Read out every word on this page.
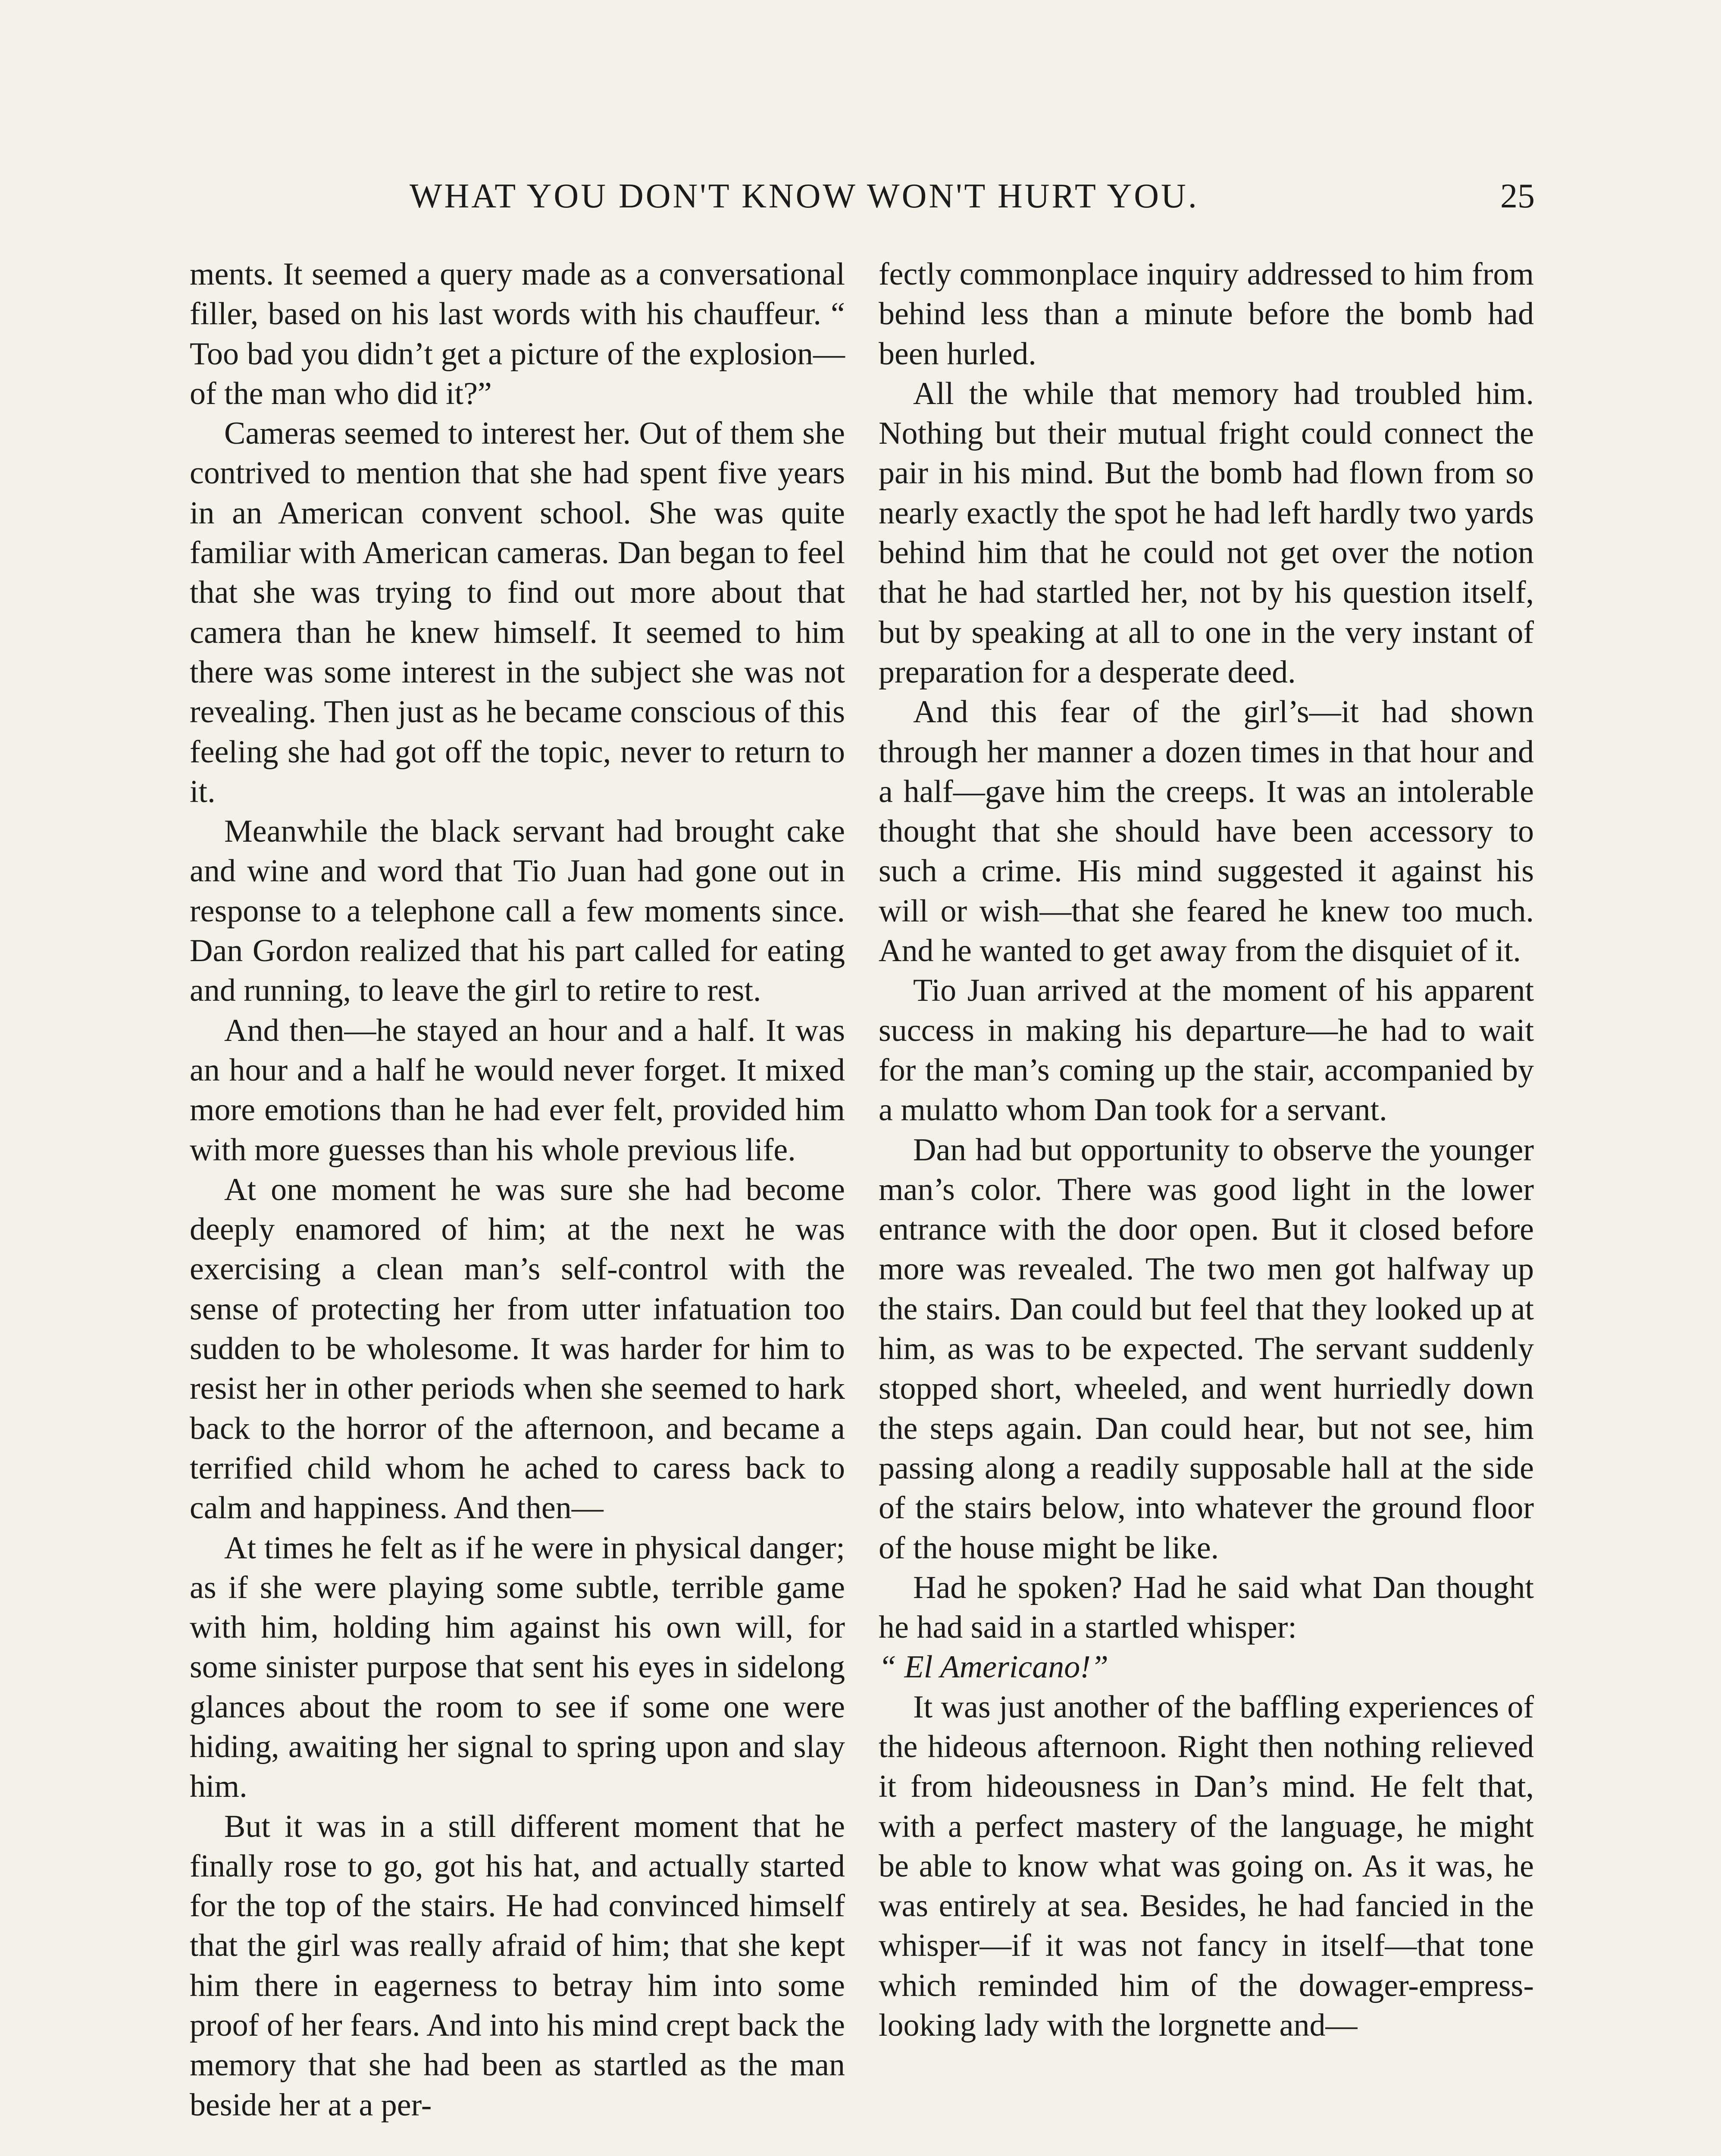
WHAT YOU DON'T KNOW WON'T HURT YOU.	25

ments. It seemed a query made as a conversational filler, based on his last words with his chauffeur. “ Too bad you didn’t get a picture of the explosion—of the man who did it?”

Cameras seemed to interest her. Out of them she contrived to mention that she had spent five years in an American convent school. She was quite familiar with American cameras. Dan began to feel that she was trying to find out more about that camera than he knew himself. It seemed to him there was some interest in the subject she was not revealing. Then just as he became conscious of this feeling she had got off the topic, never to return to it.

Meanwhile the black servant had brought cake and wine and word that Tio Juan had gone out in response to a telephone call a few moments since. Dan Gordon realized that his part called for eating and running, to leave the girl to retire to rest.

And then—he stayed an hour and a half. It was an hour and a half he would never forget. It mixed more emotions than he had ever felt, provided him with more guesses than his whole previous life.

At one moment he was sure she had become deeply enamored of him; at the next he was exercising a clean man’s self-control with the sense of protecting her from utter infatuation too sudden to be wholesome. It was harder for him to resist her in other periods when she seemed to hark back to the horror of the afternoon, and became a terrified child whom he ached to caress back to calm and happiness. And then—

At times he felt as if he were in physical danger; as if she were playing some subtle, terrible game with him, holding him against his own will, for some sinister purpose that sent his eyes in sidelong glances about the room to see if some one were hiding, awaiting her signal to spring upon and slay him.

But it was in a still different moment that he finally rose to go, got his hat, and actually started for the top of the stairs. He had convinced himself that the girl was really afraid of him; that she kept him there in eagerness to betray him into some proof of her fears. And into his mind crept back the memory that she had been as startled as the man beside her at a per-

fectly commonplace inquiry addressed to him from behind less than a minute before the bomb had been hurled.

All the while that memory had troubled him. Nothing but their mutual fright could connect the pair in his mind. But the bomb had flown from so nearly exactly the spot he had left hardly two yards behind him that he could not get over the notion that he had startled her, not by his question itself, but by speaking at all to one in the very instant of preparation for a desperate deed.

And this fear of the girl’s—it had shown through her manner a dozen times in that hour and a half—gave him the creeps. It was an intolerable thought that she should have been accessory to such a crime. His mind suggested it against his will or wish—that she feared he knew too much. And he wanted to get away from the disquiet of it.

Tio Juan arrived at the moment of his apparent success in making his departure—he had to wait for the man’s coming up the stair, accompanied by a mulatto whom Dan took for a servant.

Dan had but opportunity to observe the younger man’s color. There was good light in the lower entrance with the door open. But it closed before more was revealed. The two men got halfway up the stairs. Dan could but feel that they looked up at him, as was to be expected. The servant suddenly stopped short, wheeled, and went hurriedly down the steps again. Dan could hear, but not see, him passing along a readily supposable hall at the side of the stairs below, into whatever the ground floor of the house might be like.

Had he spoken? Had he said what Dan thought he had said in a startled whisper:

“ El Americano!”

It was just another of the baffling experiences of the hideous afternoon. Right then nothing relieved it from hideousness in Dan’s mind. He felt that, with a perfect mastery of the language, he might be able to know what was going on. As it was, he was entirely at sea. Besides, he had fancied in the whisper—if it was not fancy in itself—that tone which reminded him of the dowager-empress-looking lady with the lorgnette and—
